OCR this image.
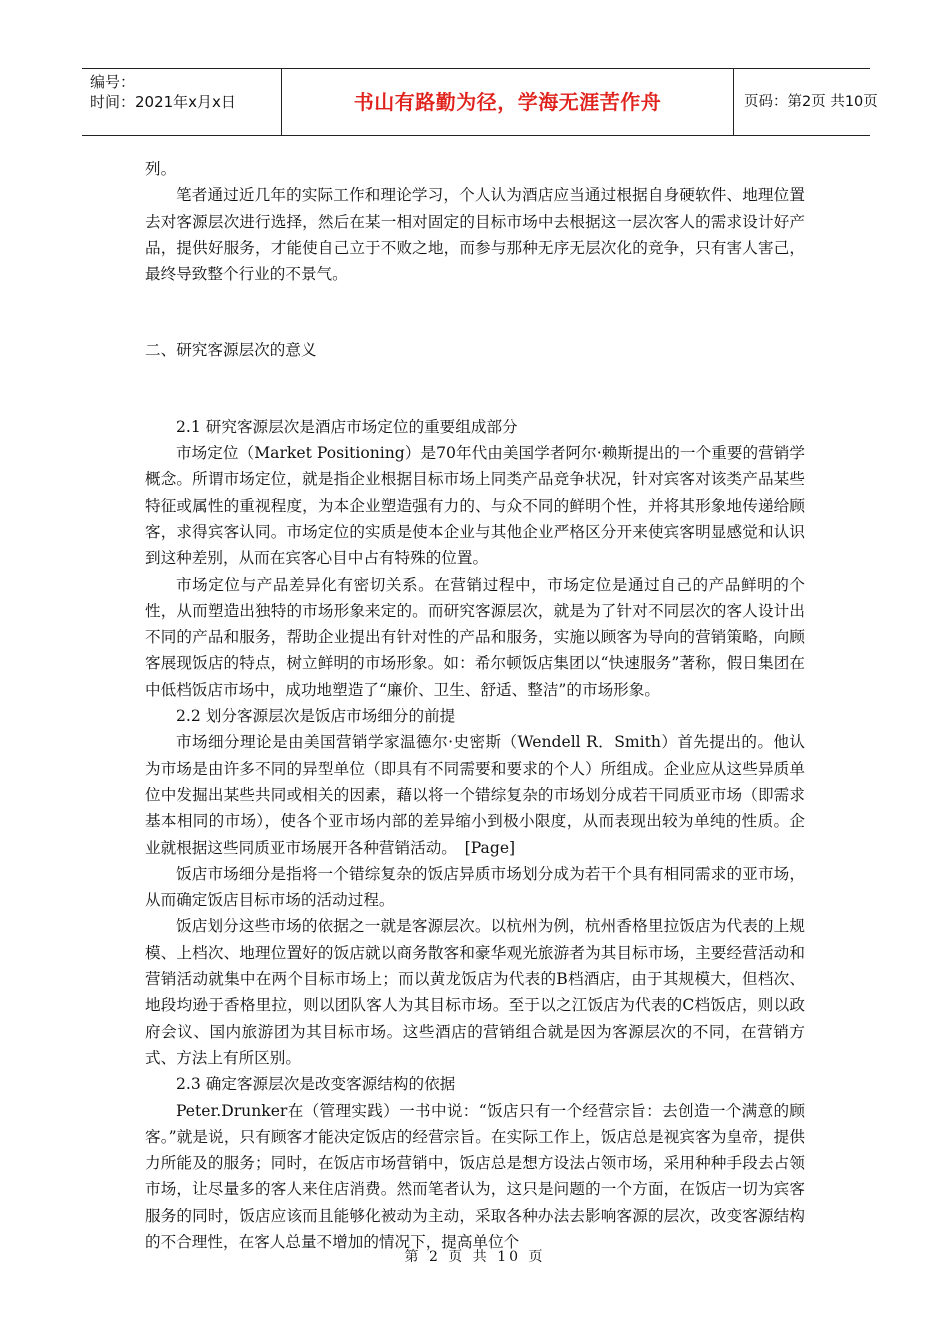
编号：
时间：2021年x月x日	书山有路勤为径，学海无涯苦作舟	页码：第2页 共10页

列。

笔者通过近几年的实际工作和理论学习，个人认为酒店应当通过根据自身硬软件、地理位置去对客源层次进行选择，然后在某一相对固定的目标市场中去根据这一层次客人的需求设计好产品，提供好服务，才能使自己立于不败之地，而参与那种无序无层次化的竞争，只有害人害己，最终导致整个行业的不景气。

二、研究客源层次的意义

2.1 研究客源层次是酒店市场定位的重要组成部分

市场定位（Market Positioning）是70年代由美国学者阿尔·赖斯提出的一个重要的营销学概念。所谓市场定位，就是指企业根据目标市场上同类产品竞争状况，针对宾客对该类产品某些特征或属性的重视程度，为本企业塑造强有力的、与众不同的鲜明个性，并将其形象地传递给顾客，求得宾客认同。市场定位的实质是使本企业与其他企业严格区分开来使宾客明显感觉和认识到这种差别，从而在宾客心目中占有特殊的位置。

市场定位与产品差异化有密切关系。在营销过程中，市场定位是通过自己的产品鲜明的个性，从而塑造出独特的市场形象来定的。而研究客源层次，就是为了针对不同层次的客人设计出不同的产品和服务，帮助企业提出有针对性的产品和服务，实施以顾客为导向的营销策略，向顾客展现饭店的特点，树立鲜明的市场形象。如：希尔顿饭店集团以“快速服务”著称，假日集团在中低档饭店市场中，成功地塑造了“廉价、卫生、舒适、整洁”的市场形象。

2.2 划分客源层次是饭店市场细分的前提

市场细分理论是由美国营销学家温德尔·史密斯（Wendell R．Smith）首先提出的。他认为市场是由许多不同的异型单位（即具有不同需要和要求的个人）所组成。企业应从这些异质单位中发掘出某些共同或相关的因素，藉以将一个错综复杂的市场划分成若干同质亚市场（即需求基本相同的市场），使各个亚市场内部的差异缩小到极小限度，从而表现出较为单纯的性质。企业就根据这些同质亚市场展开各种营销活动。　[Page]

饭店市场细分是指将一个错综复杂的饭店异质市场划分成为若干个具有相同需求的亚市场，从而确定饭店目标市场的活动过程。

饭店划分这些市场的依据之一就是客源层次。以杭州为例，杭州香格里拉饭店为代表的上规模、上档次、地理位置好的饭店就以商务散客和豪华观光旅游者为其目标市场，主要经营活动和营销活动就集中在两个目标市场上；而以黄龙饭店为代表的B档酒店，由于其规模大，但档次、地段均逊于香格里拉，则以团队客人为其目标市场。至于以之江饭店为代表的C档饭店，则以政府会议、国内旅游团为其目标市场。这些酒店的营销组合就是因为客源层次的不同，在营销方式、方法上有所区别。

2.3 确定客源层次是改变客源结构的依据

Peter.Drunker在（管理实践）一书中说：“饭店只有一个经营宗旨：去创造一个满意的顾客。”就是说，只有顾客才能决定饭店的经营宗旨。在实际工作上，饭店总是视宾客为皇帝，提供力所能及的服务；同时，在饭店市场营销中，饭店总是想方设法占领市场，采用种种手段去占领市场，让尽量多的客人来住店消费。然而笔者认为，这只是问题的一个方面，在饭店一切为宾客服务的同时，饭店应该而且能够化被动为主动，采取各种办法去影响客源的层次，改变客源结构的不合理性，在客人总量不增加的情况下，提高单位个

第 2 页 共 10 页
